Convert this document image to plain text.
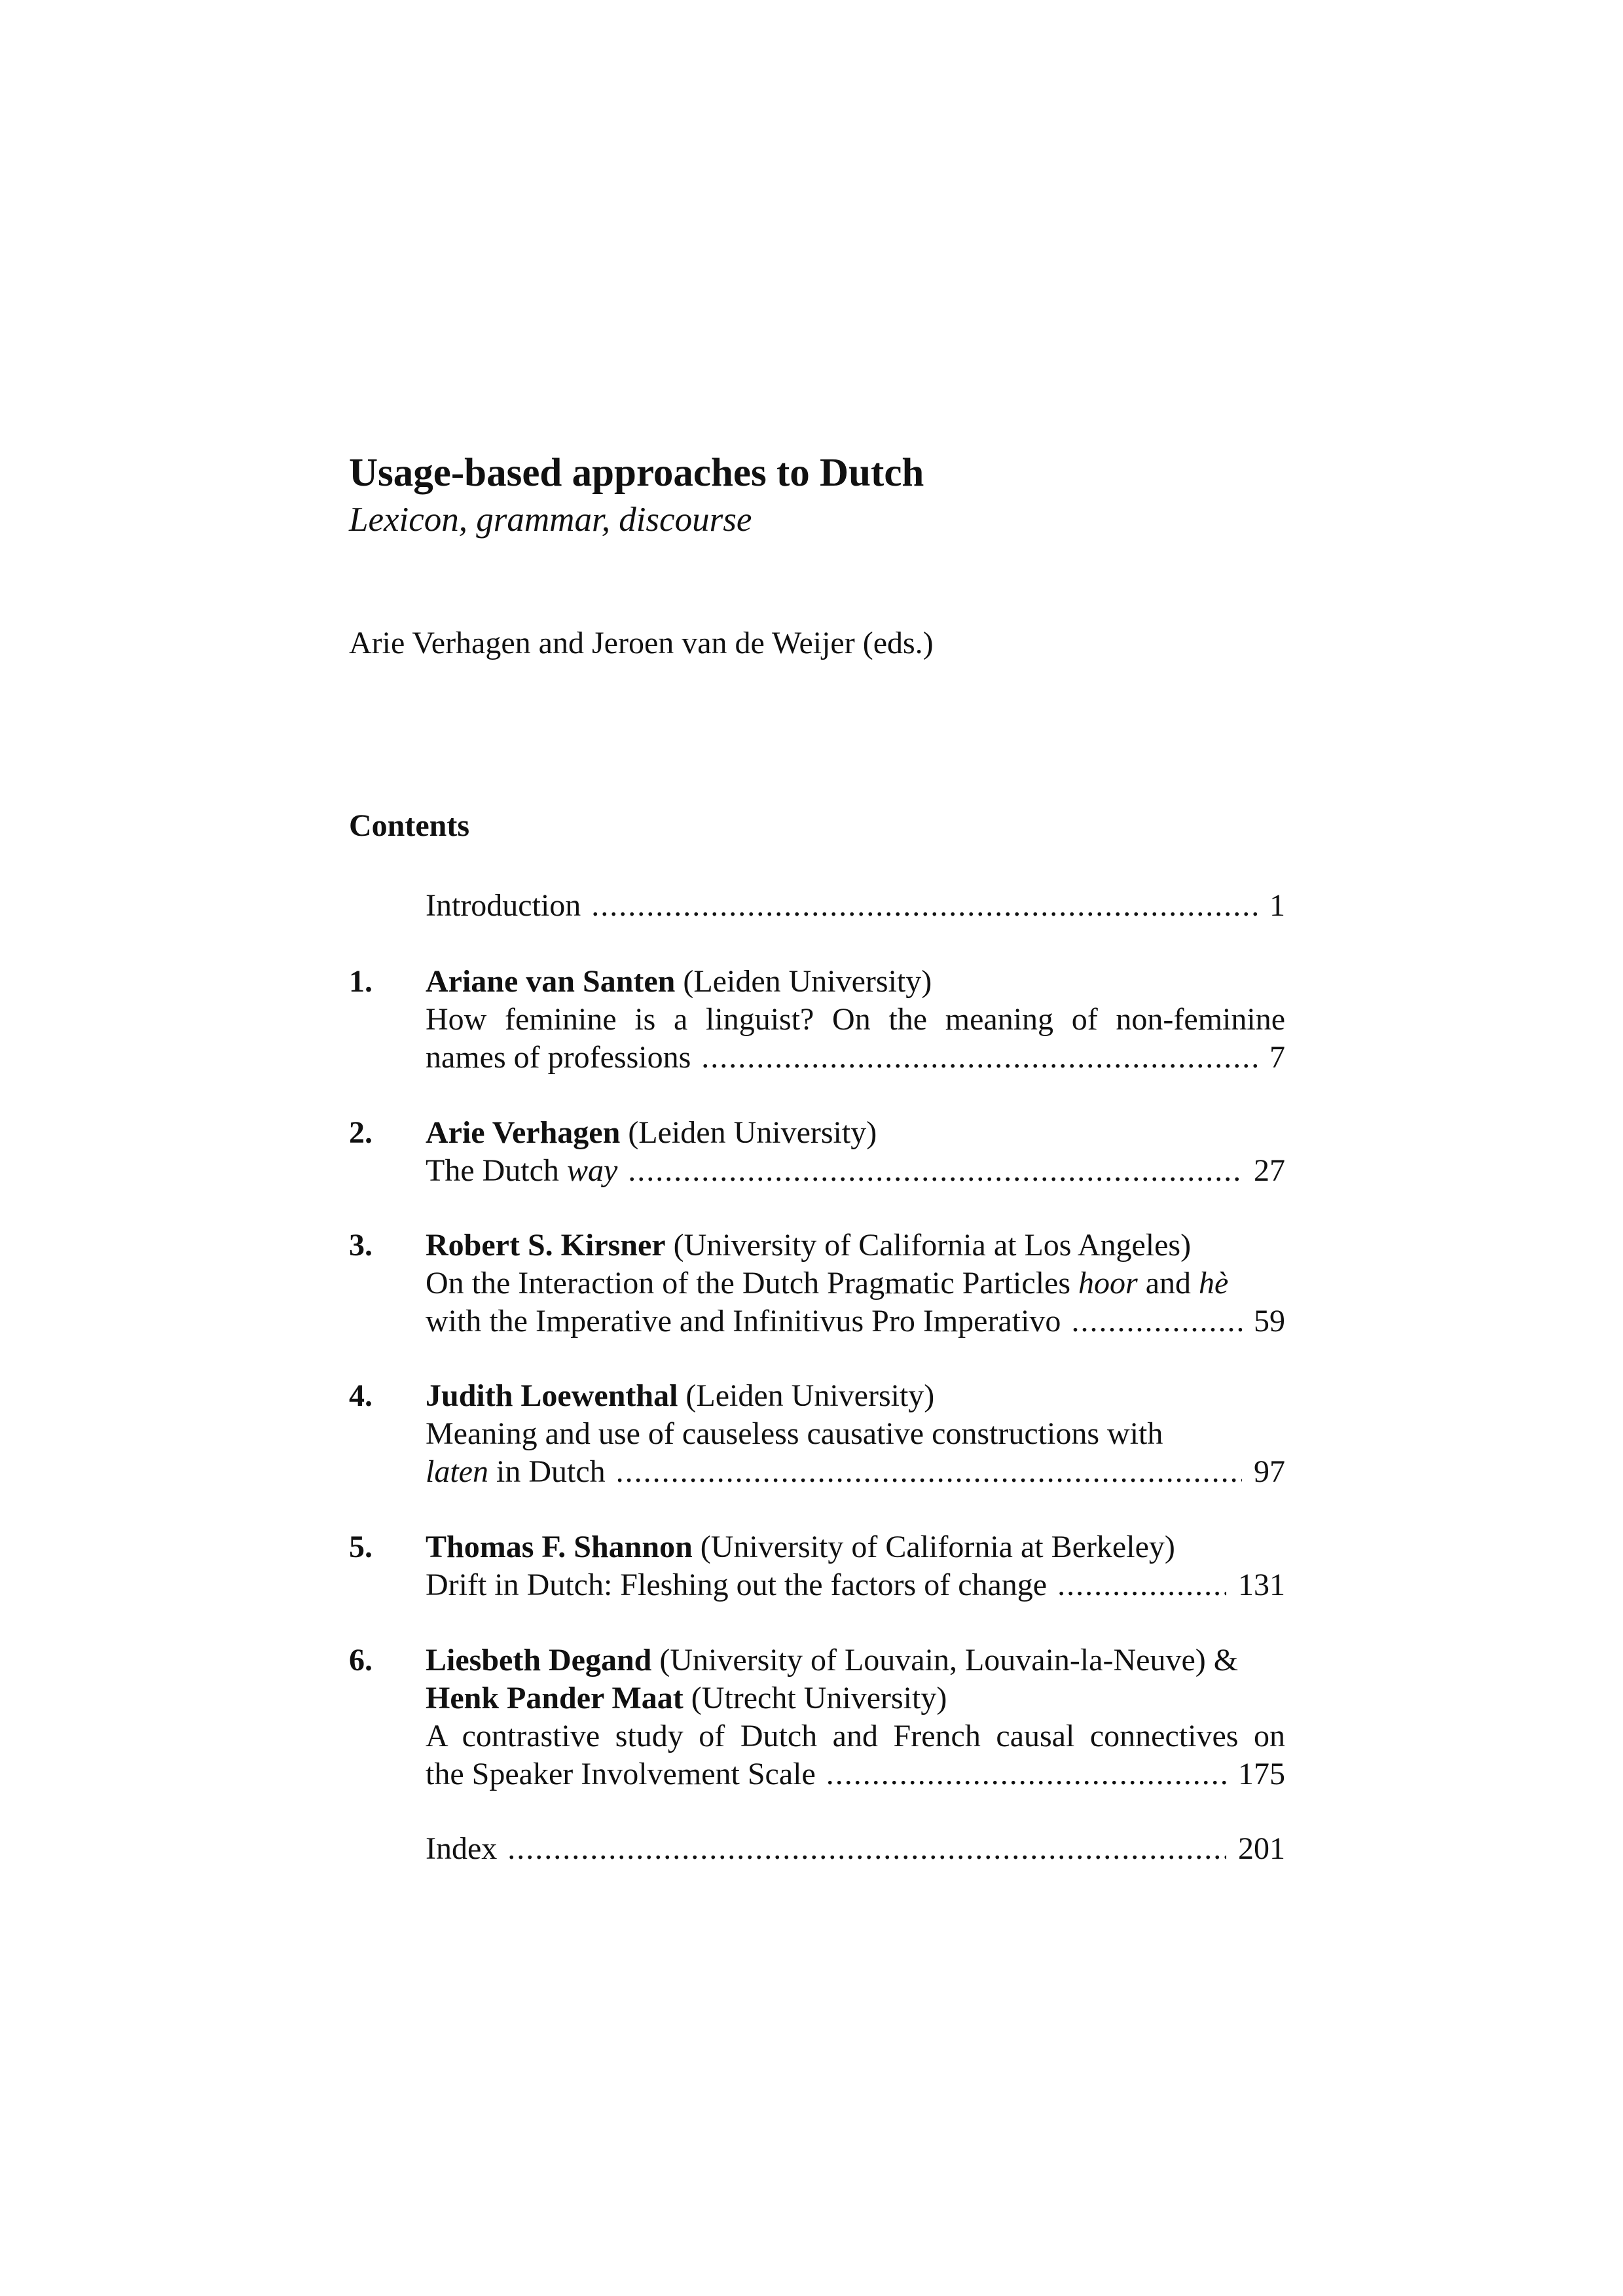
Usage-based approaches to Dutch
Lexicon, grammar, discourse
Arie Verhagen and Jeroen van de Weijer (eds.)
Contents
Introduction .....	1
1. Ariane van Santen (Leiden University)
How feminine is a linguist? On the meaning of non-feminine
names of professions .....	7
2. Arie Verhagen (Leiden University)
The Dutch way .....	27
3. Robert S. Kirsner (University of California at Los Angeles)
On the Interaction of the Dutch Pragmatic Particles hoor and hè
with the Imperative and Infinitivus Pro Imperativo .....	59
4. Judith Loewenthal (Leiden University)
Meaning and use of causeless causative constructions with
laten in Dutch .....	97
5. Thomas F. Shannon (University of California at Berkeley)
Drift in Dutch: Fleshing out the factors of change .....	131
6. Liesbeth Degand (University of Louvain, Louvain-la-Neuve) &
Henk Pander Maat (Utrecht University)
A contrastive study of Dutch and French causal connectives on
the Speaker Involvement Scale .....	175
Index .....	201
